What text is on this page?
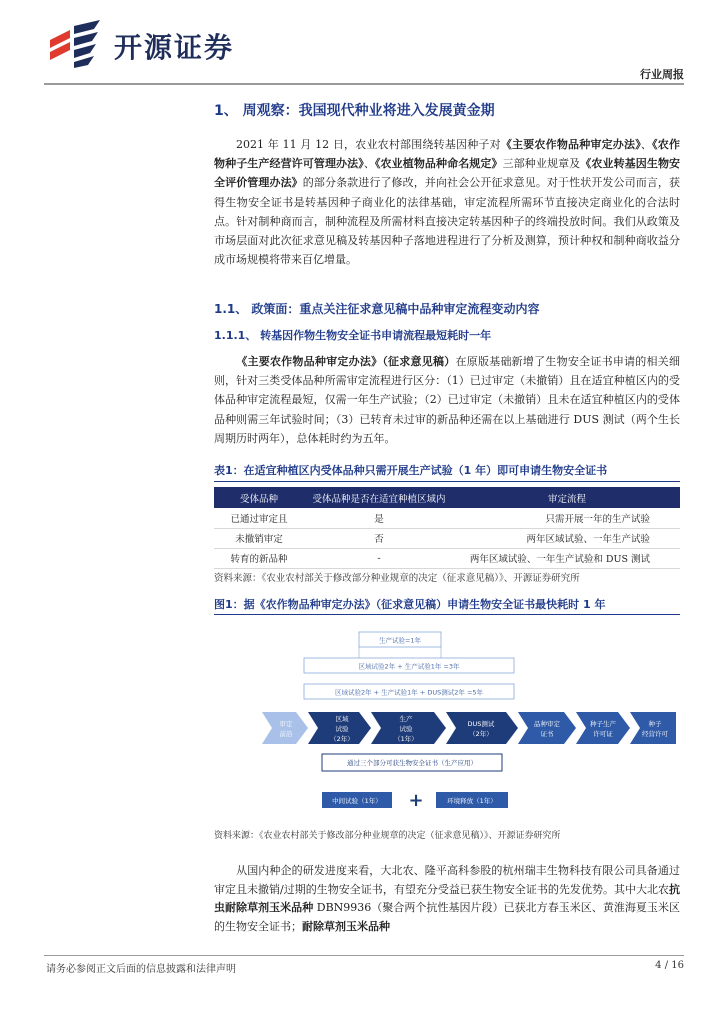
开源证券
行业周报
1、 周观察：我国现代种业将进入发展黄金期
2021 年 11 月 12 日，农业农村部围绕转基因种子对《主要农作物品种审定办法》、《农作物种子生产经营许可管理办法》、《农业植物品种命名规定》三部种业规章及《农业转基因生物安全评价管理办法》的部分条款进行了修改，并向社会公开征求意见。对于性状开发公司而言，获得生物安全证书是转基因种子商业化的法律基础，审定流程所需环节直接决定商业化的合法时点。针对制种商而言，制种流程及所需材料直接决定转基因种子的终端投放时间。我们从政策及市场层面对此次征求意见稿及转基因种子落地进程进行了分析及测算，预计种权和制种商收益分成市场规模将带来百亿增量。
1.1、 政策面：重点关注征求意见稿中品种审定流程变动内容
1.1.1、 转基因作物生物安全证书申请流程最短耗时一年
《主要农作物品种审定办法》（征求意见稿）在原版基础新增了生物安全证书申请的相关细则，针对三类受体品种所需审定流程进行区分：（1）已过审定（未撤销）且在适宜种植区内的受体品种审定流程最短，仅需一年生产试验；（2）已过审定（未撤销）且未在适宜种植区内的受体品种则需三年试验时间；（3）已转育未过审的新品种还需在以上基础进行 DUS 测试（两个生长周期历时两年），总体耗时约为五年。
表1：在适宜种植区内受体品种只需开展生产试验（1 年）即可申请生物安全证书
受体品种	受体品种是否在适宜种植区域内	审定流程
已通过审定且	是	只需开展一年的生产试验
未撤销审定	否	两年区域试验、一年生产试验
转育的新品种	-	两年区域试验、一年生产试验和 DUS 测试
资料来源：《农业农村部关于修改部分种业规章的决定（征求意见稿）》、开源证券研究所
图1：据《农作物品种审定办法》（征求意见稿）申请生物安全证书最快耗时 1 年
生产试验=1年
区域试验2年 + 生产试验1年 =3年
区域试验2年 + 生产试验1年 + DUS测试2年 =5年
审定
前沿
区域
试验
（2年）
生产
试验
（1年）
DUS测试
（2年）
品种审定
证书
种子生产
许可证
种子
经营许可
通过三个部分可获生物安全证书（生产应用）
中间试验（1年） +	环境释放（1年）
资料来源：《农业农村部关于修改部分种业规章的决定（征求意见稿）》、开源证券研究所
从国内种企的研发进度来看，大北农、隆平高科参股的杭州瑞丰生物科技有限公司具备通过审定且未撤销/过期的生物安全证书，有望充分受益已获生物安全证书的先发优势。其中大北农抗虫耐除草剂玉米品种 DBN9936（聚合两个抗性基因片段）已获北方春玉米区、黄淮海夏玉米区的生物安全证书；耐除草剂玉米品种
请务必参阅正文后面的信息披露和法律声明	4 / 16
